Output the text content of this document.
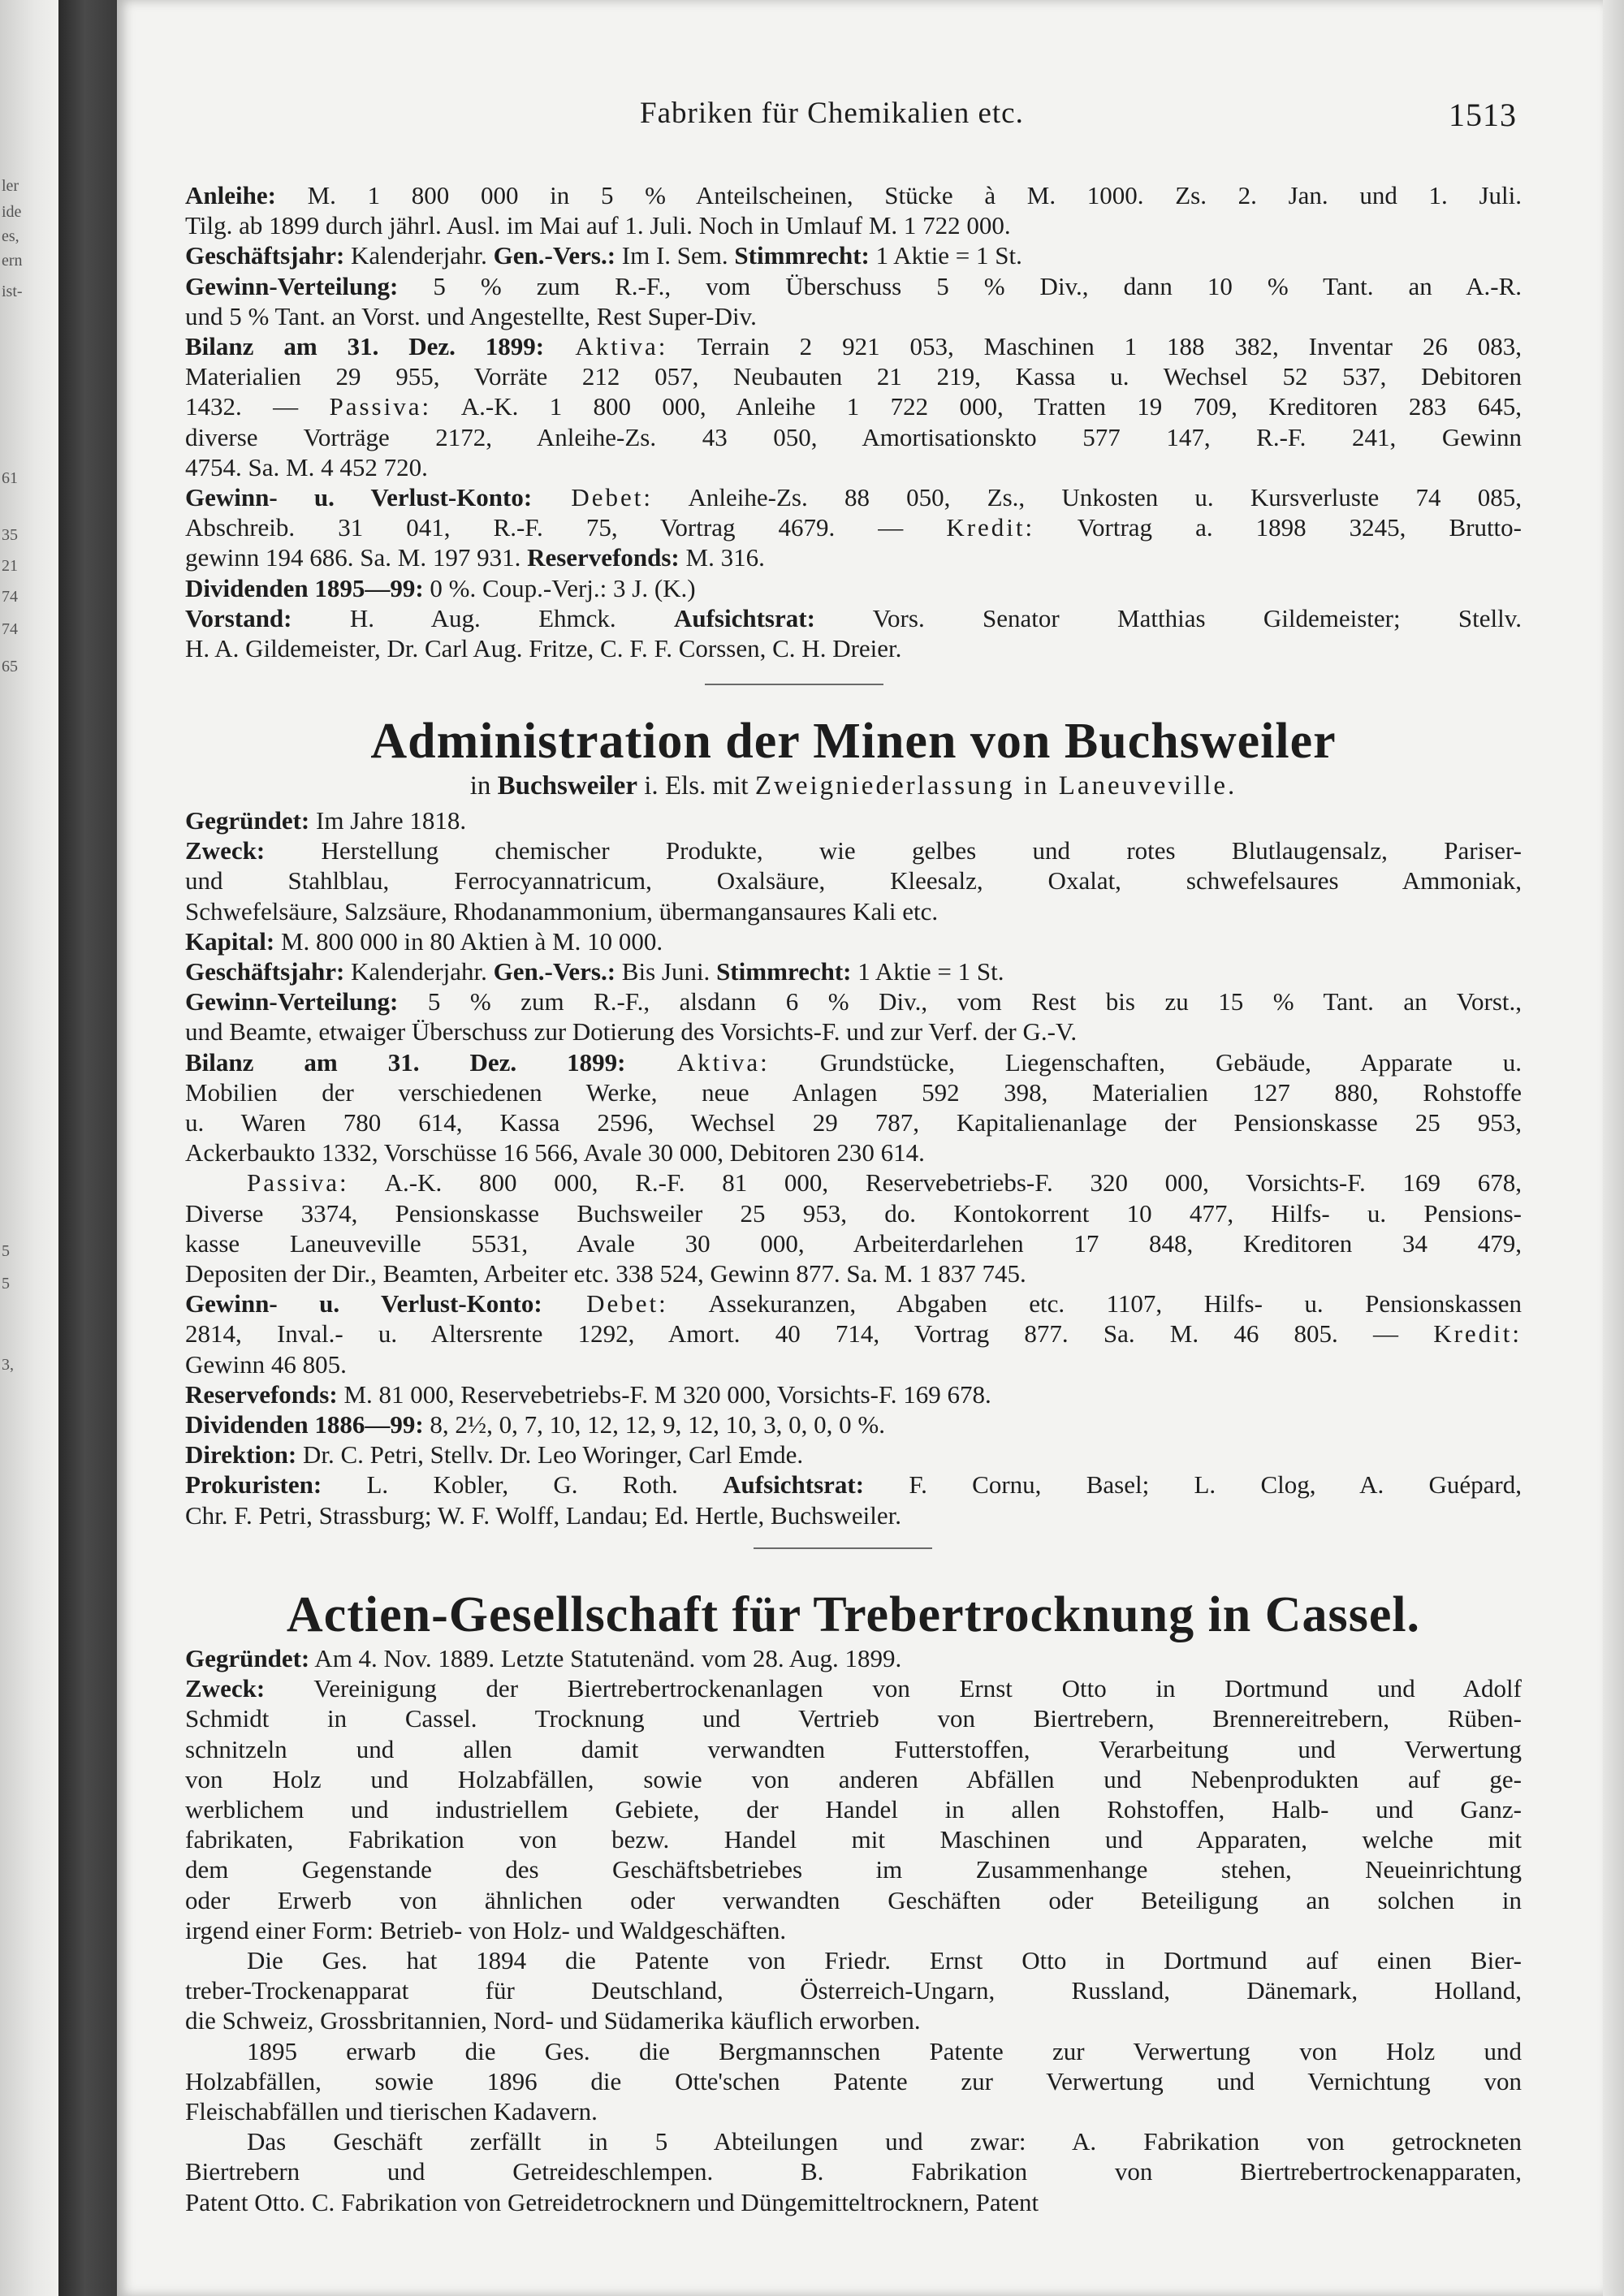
ler
ide
es,
ern
ist-
61
35
21
74
74
65
5
5
3,
Fabriken für Chemikalien etc.	1513
Anleihe: M. 1 800 000 in 5 % Anteilscheinen, Stücke à M. 1000. Zs. 2. Jan. und 1. Juli.
Tilg. ab 1899 durch jährl. Ausl. im Mai auf 1. Juli. Noch in Umlauf M. 1 722 000.
Geschäftsjahr: Kalenderjahr. Gen.-Vers.: Im I. Sem. Stimmrecht: 1 Aktie = 1 St.
Gewinn-Verteilung: 5 % zum R.-F., vom Überschuss 5 % Div., dann 10 % Tant. an A.-R.
und 5 % Tant. an Vorst. und Angestellte, Rest Super-Div.
Bilanz am 31. Dez. 1899: Aktiva: Terrain 2 921 053, Maschinen 1 188 382, Inventar 26 083,
Materialien 29 955, Vorräte 212 057, Neubauten 21 219, Kassa u. Wechsel 52 537, Debitoren
1432. — Passiva: A.-K. 1 800 000, Anleihe 1 722 000, Tratten 19 709, Kreditoren 283 645,
diverse Vorträge 2172, Anleihe-Zs. 43 050, Amortisationskto 577 147, R.-F. 241, Gewinn
4754. Sa. M. 4 452 720.
Gewinn- u. Verlust-Konto: Debet: Anleihe-Zs. 88 050, Zs., Unkosten u. Kursverluste 74 085,
Abschreib. 31 041, R.-F. 75, Vortrag 4679. — Kredit: Vortrag a. 1898 3245, Brutto-
gewinn 194 686. Sa. M. 197 931. Reservefonds: M. 316.
Dividenden 1895—99: 0 %. Coup.-Verj.: 3 J. (K.)
Vorstand: H. Aug. Ehmck. Aufsichtsrat: Vors. Senator Matthias Gildemeister; Stellv.
H. A. Gildemeister, Dr. Carl Aug. Fritze, C. F. F. Corssen, C. H. Dreier.
Administration der Minen von Buchsweiler
in Buchsweiler i. Els. mit Zweigniederlassung in Laneuveville.
Gegründet: Im Jahre 1818.
Zweck: Herstellung chemischer Produkte, wie gelbes und rotes Blutlaugensalz, Pariser-
und Stahlblau, Ferrocyannatricum, Oxalsäure, Kleesalz, Oxalat, schwefelsaures Ammoniak,
Schwefelsäure, Salzsäure, Rhodanammonium, übermangansaures Kali etc.
Kapital: M. 800 000 in 80 Aktien à M. 10 000.
Geschäftsjahr: Kalenderjahr. Gen.-Vers.: Bis Juni. Stimmrecht: 1 Aktie = 1 St.
Gewinn-Verteilung: 5 % zum R.-F., alsdann 6 % Div., vom Rest bis zu 15 % Tant. an Vorst.,
und Beamte, etwaiger Überschuss zur Dotierung des Vorsichts-F. und zur Verf. der G.-V.
Bilanz am 31. Dez. 1899: Aktiva: Grundstücke, Liegenschaften, Gebäude, Apparate u.
Mobilien der verschiedenen Werke, neue Anlagen 592 398, Materialien 127 880, Rohstoffe
u. Waren 780 614, Kassa 2596, Wechsel 29 787, Kapitalienanlage der Pensionskasse 25 953,
Ackerbaukto 1332, Vorschüsse 16 566, Avale 30 000, Debitoren 230 614.
Passiva: A.-K. 800 000, R.-F. 81 000, Reservebetriebs-F. 320 000, Vorsichts-F. 169 678,
Diverse 3374, Pensionskasse Buchsweiler 25 953, do. Kontokorrent 10 477, Hilfs- u. Pensions-
kasse Laneuveville 5531, Avale 30 000, Arbeiterdarlehen 17 848, Kreditoren 34 479,
Depositen der Dir., Beamten, Arbeiter etc. 338 524, Gewinn 877. Sa. M. 1 837 745.
Gewinn- u. Verlust-Konto: Debet: Assekuranzen, Abgaben etc. 1107, Hilfs- u. Pensionskassen
2814, Inval.- u. Altersrente 1292, Amort. 40 714, Vortrag 877. Sa. M. 46 805. — Kredit:
Gewinn 46 805.
Reservefonds: M. 81 000, Reservebetriebs-F. M 320 000, Vorsichts-F. 169 678.
Dividenden 1886—99: 8, 2½, 0, 7, 10, 12, 12, 9, 12, 10, 3, 0, 0, 0 %.
Direktion: Dr. C. Petri, Stellv. Dr. Leo Woringer, Carl Emde.
Prokuristen: L. Kobler, G. Roth. Aufsichtsrat: F. Cornu, Basel; L. Clog, A. Guépard,
Chr. F. Petri, Strassburg; W. F. Wolff, Landau; Ed. Hertle, Buchsweiler.
Actien-Gesellschaft für Trebertrocknung in Cassel.
Gegründet: Am 4. Nov. 1889. Letzte Statutenänd. vom 28. Aug. 1899.
Zweck: Vereinigung der Biertrebertrockenanlagen von Ernst Otto in Dortmund und Adolf
Schmidt in Cassel. Trocknung und Vertrieb von Biertrebern, Brennereitrebern, Rüben-
schnitzeln und allen damit verwandten Futterstoffen, Verarbeitung und Verwertung
von Holz und Holzabfällen, sowie von anderen Abfällen und Nebenprodukten auf ge-
werblichem und industriellem Gebiete, der Handel in allen Rohstoffen, Halb- und Ganz-
fabrikaten, Fabrikation von bezw. Handel mit Maschinen und Apparaten, welche mit
dem Gegenstande des Geschäftsbetriebes im Zusammenhange stehen, Neueinrichtung
oder Erwerb von ähnlichen oder verwandten Geschäften oder Beteiligung an solchen in
irgend einer Form: Betrieb- von Holz- und Waldgeschäften.
Die Ges. hat 1894 die Patente von Friedr. Ernst Otto in Dortmund auf einen Bier-
treber-Trockenapparat für Deutschland, Österreich-Ungarn, Russland, Dänemark, Holland,
die Schweiz, Grossbritannien, Nord- und Südamerika käuflich erworben.
1895 erwarb die Ges. die Bergmannschen Patente zur Verwertung von Holz und
Holzabfällen, sowie 1896 die Otte'schen Patente zur Verwertung und Vernichtung von
Fleischabfällen und tierischen Kadavern.
Das Geschäft zerfällt in 5 Abteilungen und zwar: A. Fabrikation von getrockneten
Biertrebern und Getreideschlempen. B. Fabrikation von Biertrebertrockenapparaten,
Patent Otto. C. Fabrikation von Getreidetrocknern und Düngemitteltrocknern, Patent
